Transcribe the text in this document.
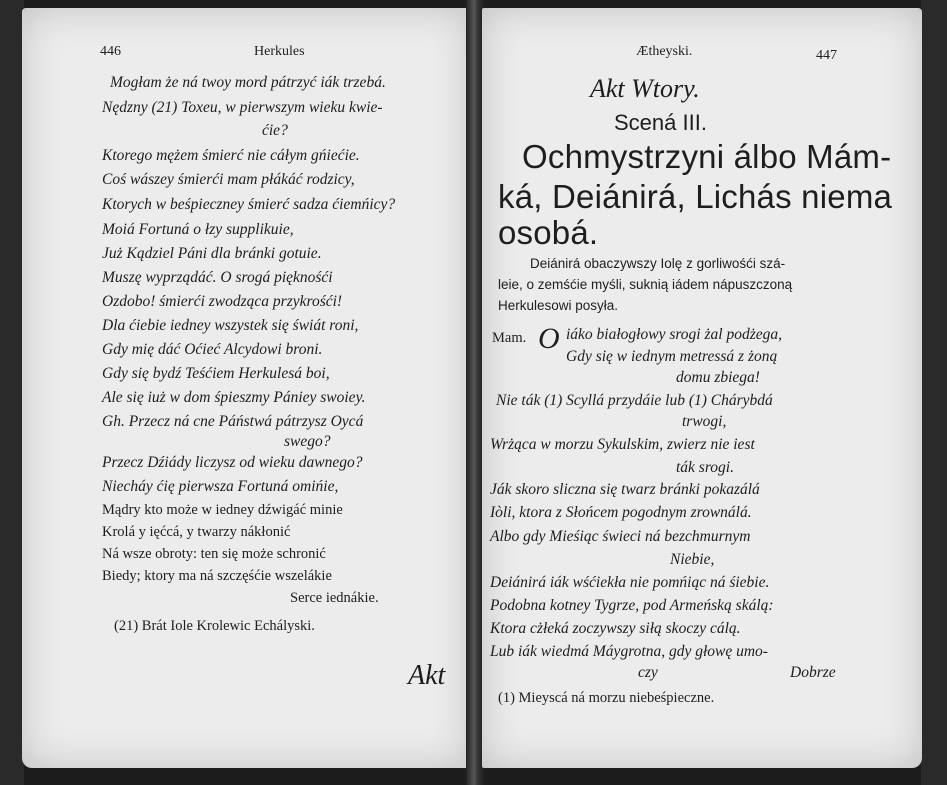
446	Herkules
Mogłam że ná twoy mord pátrzyć iák trzebá.
Nędzny (21) Toxeu, w pierwszym wieku kwie-
ćie?
Ktorego mężem śmierć nie cáłym gńiećie.
Coś wászey śmierći mam płákáć rodzicy,
Ktorych w beśpieczney śmierć sadza ćiemńicy?
Moiá Fortuná o łzy supplikuie,
Już Kądziel Páni dla bránki gotuie.
Muszę wyprządáć. O srogá pięknośći
Ozdobo! śmierći zwodząca przykrośći!
Dla ćiebie iedney wszystek się świát roni,
Gdy mię dáć Oćieć Alcydowi broni.
Gdy się bydź Teśćiem Herkulesá boi,
Ale się iuż w dom śpieszmy Pániey swoiey.
Gh. Przecz ná cne Páństwá pátrzysz Oycá
swego?
Przecz Dźiády liczysz od wieku dawnego?
Niecháy ćię pierwsza Fortuná omińie,
Mądry kto może w iedney dźwigáć minie
Krolá y ięćcá, y twarzy nákłonić
Ná wsze obroty: ten się może schronić
Biedy; ktory ma ná szczęśćie wszelákie
Serce iednákie.
(21) Brát Iole Krolewic Echályski.
Akt
Ætheyski.	447
Akt Wtory.
Scená III.
Ochmystrzyni álbo Mám-
ká, Deiánirá, Lichás niema
osobá.
Deiánirá obaczywszy Iolę z gorliwośći szá-
leie, o zemśćie myśli, suknią iádem nápuszczoną
Herkulesowi posyła.
Mam. O iáko białogłowy srogi żal podżega,
Gdy się w iednym metressá z żoną
domu zbiega!
Nie ták (1) Scyllá przydáie lub (1) Chárybdá
trwogi,
Wrżąca w morzu Sykulskim, zwierz nie iest
ták srogi.
Ják skoro sliczna się twarz bránki pokazálá
Iòli, ktora z Słońcem pogodnym zrownálá.
Albo gdy Mieśiąc świeci ná bezchmurnym
Niebie,
Deiánirá iák wśćiekła nie pomńiąc ná śiebie.
Podobna kotney Tygrze, pod Armeńską skálą:
Ktora cżłeká zoczywszy siłą skoczy cálą.
Lub iák wiedmá Máygrotna, gdy głowę umo-
czy	Dobrze
(1) Mieyscá ná morzu niebeśpieczne.
